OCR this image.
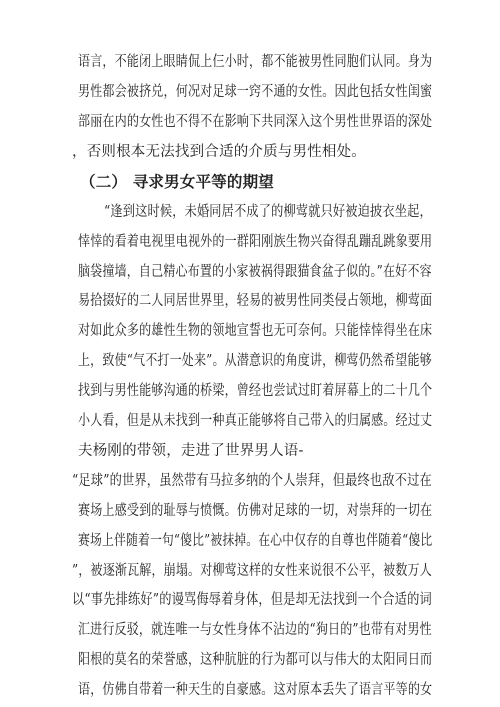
语言，不能闭上眼睛侃上仨小时，都不能被男性同胞们认同。身为
男性都会被挤兑，何况对足球一窍不通的女性。因此包括女性闺蜜
部丽在内的女性也不得不在影响下共同深入这个男性世界语的深处
，否则根本无法找到合适的介质与男性相处。
（二） 寻求男女平等的期望
“逢到这时候，未婚同居不成了的柳莺就只好被迫披衣坐起，
悻悻的看着电视里电视外的一群阳刚族生物兴奋得乱蹦乱跳象要用
脑袋撞墙，自己精心布置的小家被祸得跟猫食盆子似的。”在好不容
易拾掇好的二人同居世界里，轻易的被男性同类侵占领地，柳莺面
对如此众多的雄性生物的领地宣誓也无可奈何。只能悻悻得坐在床
上，致使“气不打一处来”。从潜意识的角度讲，柳莺仍然希望能够
找到与男性能够沟通的桥梁，曾经也尝试过盯着屏幕上的二十几个
小人看，但是从未找到一种真正能够将自己带入的归属感。经过丈
夫杨刚的带领，走进了世界男人语-
“足球”的世界，虽然带有马拉多纳的个人崇拜，但最终也敌不过在
赛场上感受到的耻辱与愤慨。仿佛对足球的一切，对崇拜的一切在
赛场上伴随着一句“傻比”被抹掉。在心中仅存的自尊也伴随着“傻比
”，被逐渐瓦解，崩塌。对柳莺这样的女性来说很不公平，被数万人
以“事先排练好”的谩骂侮辱着身体，但是却无法找到一个合适的词
汇进行反驳，就连唯一与女性身体不沾边的“狗日的”也带有对男性
阳根的莫名的荣誉感，这种肮脏的行为都可以与伟大的太阳同日而
语，仿佛自带着一种天生的自豪感。这对原本丢失了语言平等的女
